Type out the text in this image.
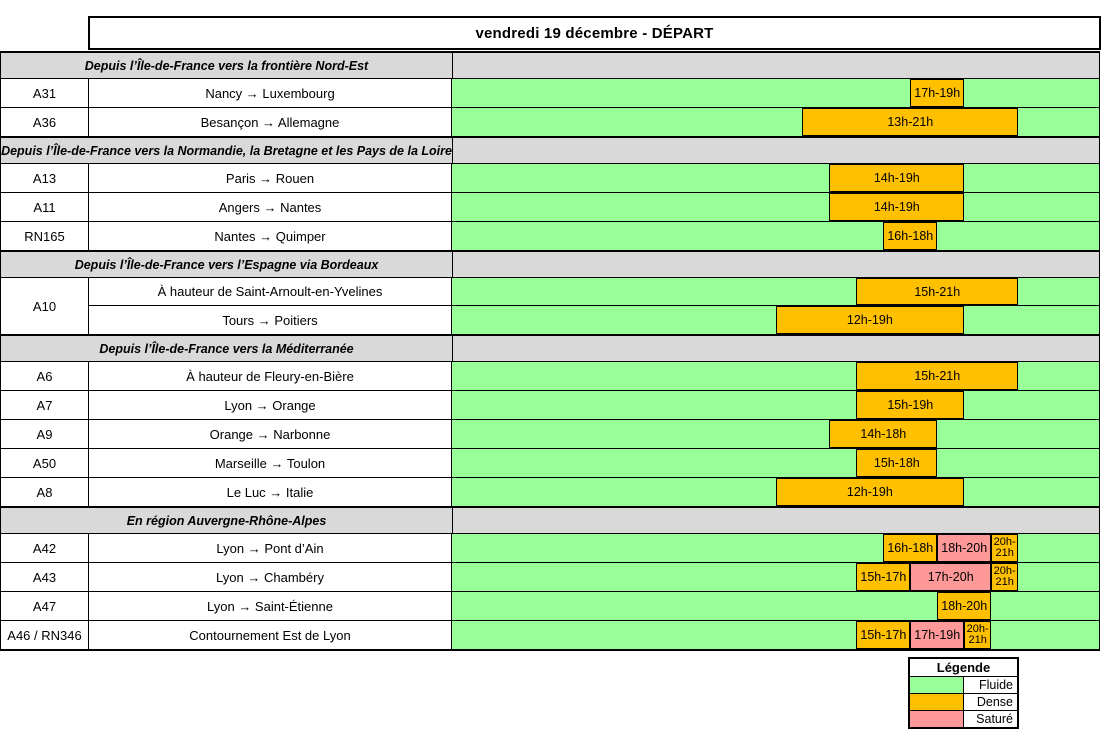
vendredi 19 décembre - DÉPART
Depuis l’Île-de-France vers la frontière Nord-Est
A31	Nancy → Luxembourg	17h-19h
A36	Besançon → Allemagne	13h-21h
Depuis l’Île-de-France vers la Normandie, la Bretagne et les Pays de la Loire
A13	Paris → Rouen	14h-19h
A11	Angers → Nantes	14h-19h
RN165	Nantes → Quimper	16h-18h
Depuis l’Île-de-France vers l’Espagne via Bordeaux
A10
À hauteur de Saint-Arnoult-en-Yvelines	15h-21h
Tours → Poitiers	12h-19h
Depuis l’Île-de-France vers la Méditerranée
A6	À hauteur de Fleury-en-Bière	15h-21h
A7	Lyon → Orange	15h-19h
A9	Orange → Narbonne	14h-18h
A50	Marseille → Toulon	15h-18h
A8	Le Luc → Italie	12h-19h
En région Auvergne-Rhône-Alpes
A42	Lyon → Pont d’Ain	16h-18h 18h-20h 20h-21h
A43	Lyon → Chambéry	15h-17h 17h-20h 20h-21h
A47	Lyon → Saint-Étienne	18h-20h
A46 / RN346	Contournement Est de Lyon	15h-17h 17h-19h 20h-21h
Légende
Fluide
Dense
Saturé
